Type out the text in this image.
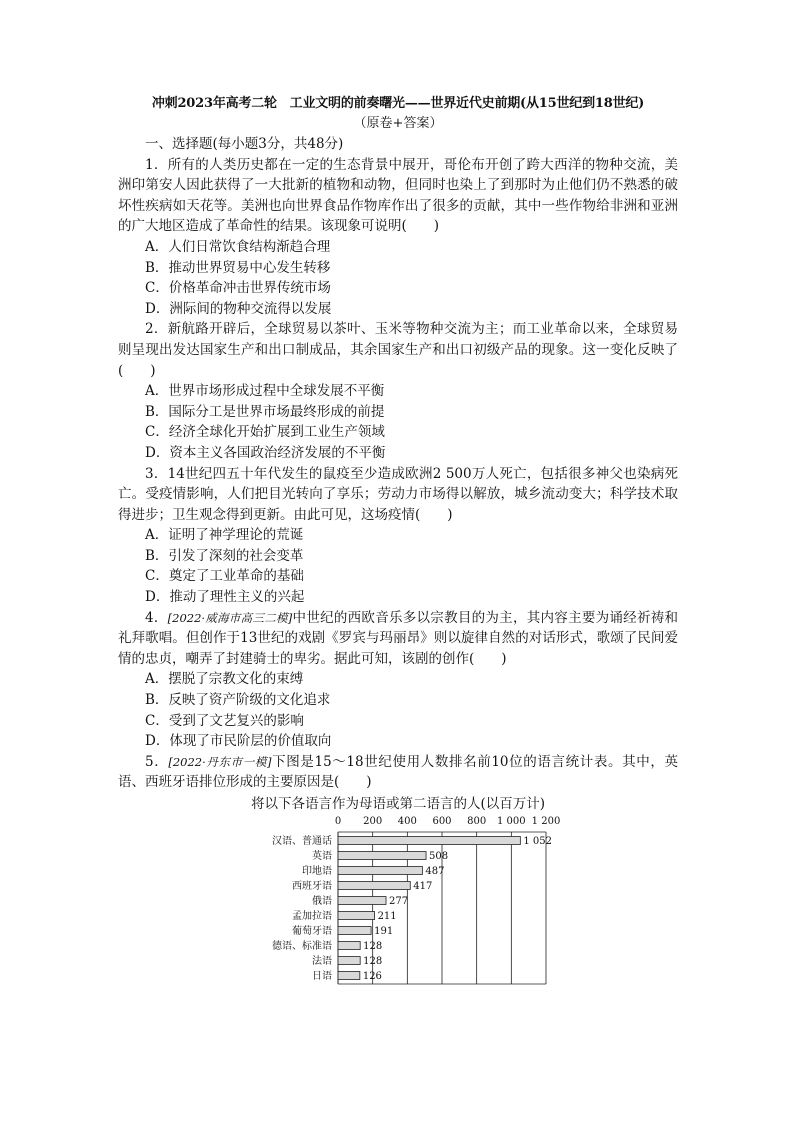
冲刺2023年高考二轮　工业文明的前奏曙光——世界近代史前期(从15世纪到18世纪)
（原卷+答案）
一、选择题(每小题3分，共48分)

1．所有的人类历史都在一定的生态背景中展开，哥伦布开创了跨大西洋的物种交流，美洲印第安人因此获得了一大批新的植物和动物，但同时也染上了到那时为止他们仍不熟悉的破坏性疾病如天花等。美洲也向世界食品作物库作出了很多的贡献，其中一些作物给非洲和亚洲的广大地区造成了革命性的结果。该现象可说明(　　)

A．人们日常饮食结构渐趋合理

B．推动世界贸易中心发生转移

C．价格革命冲击世界传统市场

D．洲际间的物种交流得以发展

2．新航路开辟后，全球贸易以茶叶、玉米等物种交流为主；而工业革命以来，全球贸易则呈现出发达国家生产和出口制成品，其余国家生产和出口初级产品的现象。这一变化反映了(　　)

A．世界市场形成过程中全球发展不平衡

B．国际分工是世界市场最终形成的前提

C．经济全球化开始扩展到工业生产领域

D．资本主义各国政治经济发展的不平衡

3．14世纪四五十年代发生的鼠疫至少造成欧洲2 500万人死亡，包括很多神父也染病死亡。受疫情影响，人们把目光转向了享乐；劳动力市场得以解放，城乡流动变大；科学技术取得进步；卫生观念得到更新。由此可见，这场疫情(　　)

A．证明了神学理论的荒诞

B．引发了深刻的社会变革

C．奠定了工业革命的基础

D．推动了理性主义的兴起

4．[2022·威海市高三二模]中世纪的西欧音乐多以宗教目的为主，其内容主要为诵经祈祷和礼拜歌唱。但创作于13世纪的戏剧《罗宾与玛丽昂》则以旋律自然的对话形式，歌颂了民间爱情的忠贞，嘲弄了封建骑士的卑劣。据此可知，该剧的创作(　　)

A．摆脱了宗教文化的束缚

B．反映了资产阶级的文化追求

C．受到了文艺复兴的影响

D．体现了市民阶层的价值取向

5．[2022·丹东市一模]下图是15～18世纪使用人数排名前10位的语言统计表。其中，英语、西班牙语排位形成的主要原因是(　　)

将以下各语言作为母语或第二语言的人(以百万计)
0 200 400 600 800 1 000 1 200
汉语、普通话	1 052
英语	508
印地语	487
西班牙语	417
俄语	277
孟加拉语	211
葡萄牙语	191
德语、标准语	128
法语	128
日语	126
